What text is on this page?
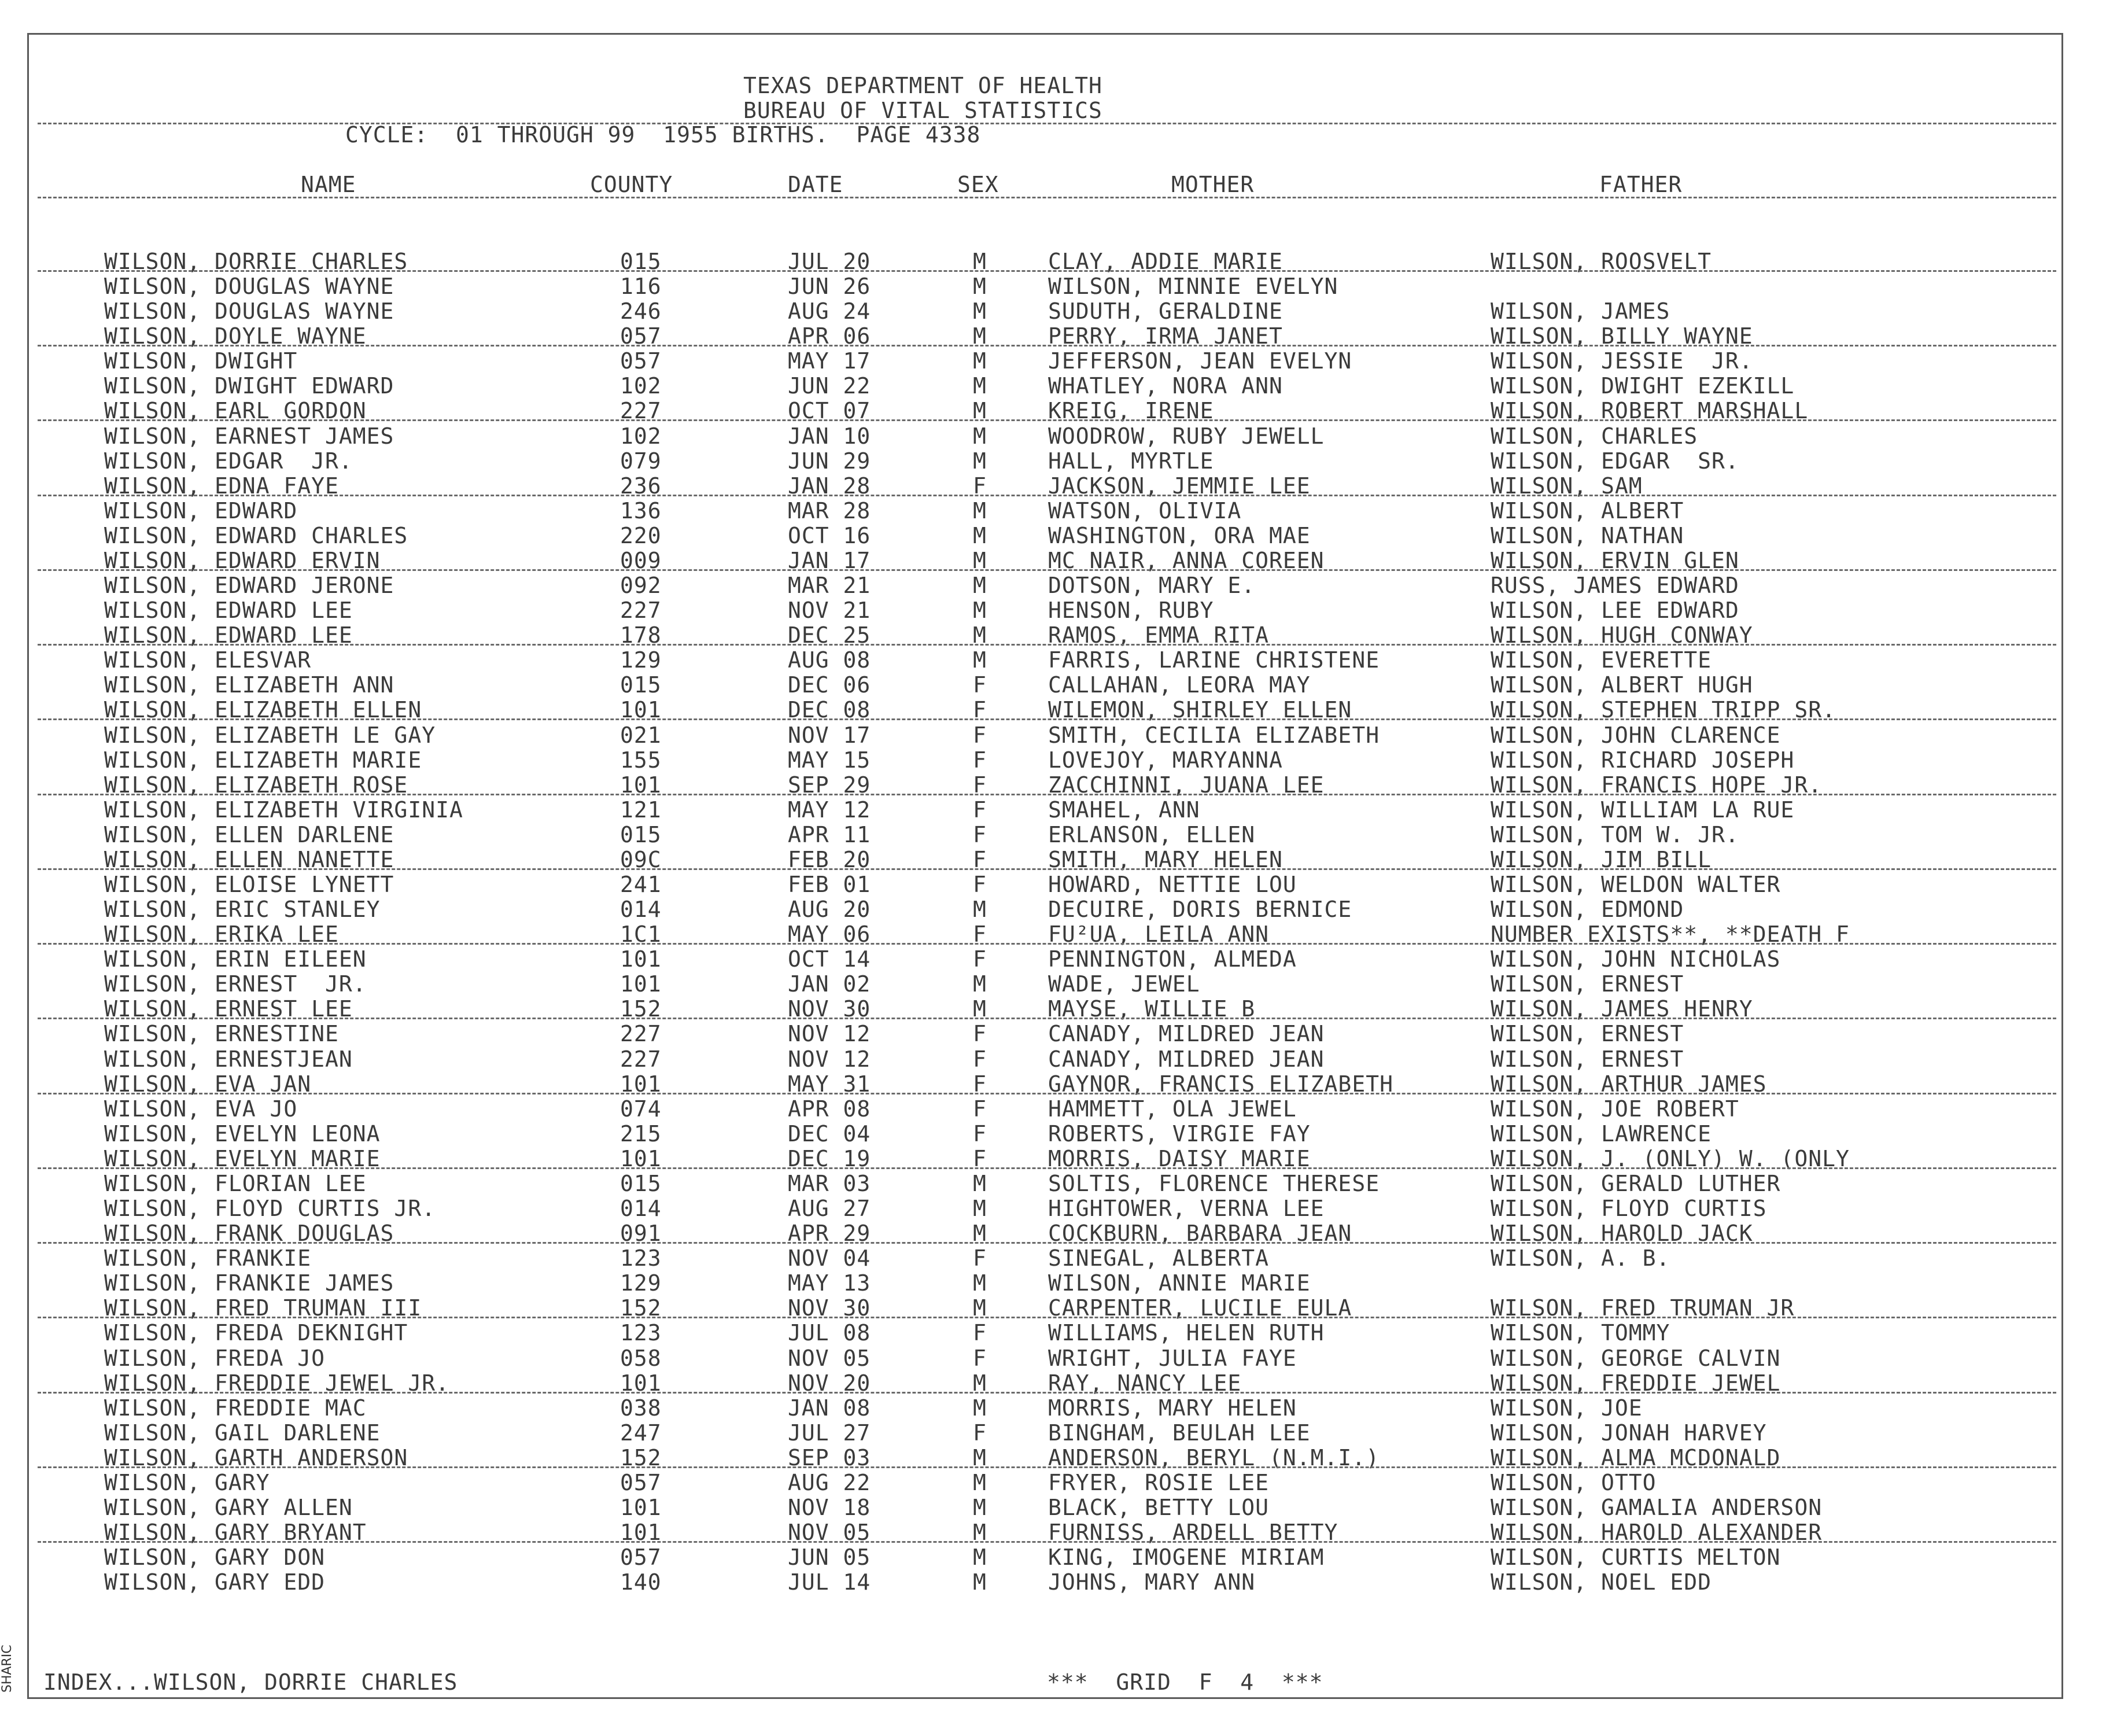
SHARIC
TEXAS DEPARTMENT OF HEALTH
BUREAU OF VITAL STATISTICS
CYCLE:  01 THROUGH 99  1955 BIRTHS.  PAGE 4338
NAME	COUNTY	DATE	SEX	MOTHER	FATHER
WILSON, DORRIE CHARLES	015	JUL 20	M	CLAY, ADDIE MARIE	WILSON, ROOSVELT
WILSON, DOUGLAS WAYNE	116	JUN 26	M	WILSON, MINNIE EVELYN
WILSON, DOUGLAS WAYNE	246	AUG 24	M	SUDUTH, GERALDINE	WILSON, JAMES
WILSON, DOYLE WAYNE	057	APR 06	M	PERRY, IRMA JANET	WILSON, BILLY WAYNE
WILSON, DWIGHT	057	MAY 17	M	JEFFERSON, JEAN EVELYN	WILSON, JESSIE  JR.
WILSON, DWIGHT EDWARD	102	JUN 22	M	WHATLEY, NORA ANN	WILSON, DWIGHT EZEKILL
WILSON, EARL GORDON	227	OCT 07	M	KREIG, IRENE	WILSON, ROBERT MARSHALL
WILSON, EARNEST JAMES	102	JAN 10	M	WOODROW, RUBY JEWELL	WILSON, CHARLES
WILSON, EDGAR  JR.	079	JUN 29	M	HALL, MYRTLE	WILSON, EDGAR  SR.
WILSON, EDNA FAYE	236	JAN 28	F	JACKSON, JEMMIE LEE	WILSON, SAM
WILSON, EDWARD	136	MAR 28	M	WATSON, OLIVIA	WILSON, ALBERT
WILSON, EDWARD CHARLES	220	OCT 16	M	WASHINGTON, ORA MAE	WILSON, NATHAN
WILSON, EDWARD ERVIN	009	JAN 17	M	MC NAIR, ANNA COREEN	WILSON, ERVIN GLEN
WILSON, EDWARD JERONE	092	MAR 21	M	DOTSON, MARY E.	RUSS, JAMES EDWARD
WILSON, EDWARD LEE	227	NOV 21	M	HENSON, RUBY	WILSON, LEE EDWARD
WILSON, EDWARD LEE	178	DEC 25	M	RAMOS, EMMA RITA	WILSON, HUGH CONWAY
WILSON, ELESVAR	129	AUG 08	M	FARRIS, LARINE CHRISTENE	WILSON, EVERETTE
WILSON, ELIZABETH ANN	015	DEC 06	F	CALLAHAN, LEORA MAY	WILSON, ALBERT HUGH
WILSON, ELIZABETH ELLEN	101	DEC 08	F	WILEMON, SHIRLEY ELLEN	WILSON, STEPHEN TRIPP SR.
WILSON, ELIZABETH LE GAY	021	NOV 17	F	SMITH, CECILIA ELIZABETH	WILSON, JOHN CLARENCE
WILSON, ELIZABETH MARIE	155	MAY 15	F	LOVEJOY, MARYANNA	WILSON, RICHARD JOSEPH
WILSON, ELIZABETH ROSE	101	SEP 29	F	ZACCHINNI, JUANA LEE	WILSON, FRANCIS HOPE JR.
WILSON, ELIZABETH VIRGINIA	121	MAY 12	F	SMAHEL, ANN	WILSON, WILLIAM LA RUE
WILSON, ELLEN DARLENE	015	APR 11	F	ERLANSON, ELLEN	WILSON, TOM W. JR.
WILSON, ELLEN NANETTE	09C	FEB 20	F	SMITH, MARY HELEN	WILSON, JIM BILL
WILSON, ELOISE LYNETT	241	FEB 01	F	HOWARD, NETTIE LOU	WILSON, WELDON WALTER
WILSON, ERIC STANLEY	014	AUG 20	M	DECUIRE, DORIS BERNICE	WILSON, EDMOND
WILSON, ERIKA LEE	1C1	MAY 06	F	FU²UA, LEILA ANN	NUMBER EXISTS**, **DEATH F
WILSON, ERIN EILEEN	101	OCT 14	F	PENNINGTON, ALMEDA	WILSON, JOHN NICHOLAS
WILSON, ERNEST  JR.	101	JAN 02	M	WADE, JEWEL	WILSON, ERNEST
WILSON, ERNEST LEE	152	NOV 30	M	MAYSE, WILLIE B	WILSON, JAMES HENRY
WILSON, ERNESTINE	227	NOV 12	F	CANADY, MILDRED JEAN	WILSON, ERNEST
WILSON, ERNESTJEAN	227	NOV 12	F	CANADY, MILDRED JEAN	WILSON, ERNEST
WILSON, EVA JAN	101	MAY 31	F	GAYNOR, FRANCIS ELIZABETH	WILSON, ARTHUR JAMES
WILSON, EVA JO	074	APR 08	F	HAMMETT, OLA JEWEL	WILSON, JOE ROBERT
WILSON, EVELYN LEONA	215	DEC 04	F	ROBERTS, VIRGIE FAY	WILSON, LAWRENCE
WILSON, EVELYN MARIE	101	DEC 19	F	MORRIS, DAISY MARIE	WILSON, J. (ONLY) W. (ONLY
WILSON, FLORIAN LEE	015	MAR 03	M	SOLTIS, FLORENCE THERESE	WILSON, GERALD LUTHER
WILSON, FLOYD CURTIS JR.	014	AUG 27	M	HIGHTOWER, VERNA LEE	WILSON, FLOYD CURTIS
WILSON, FRANK DOUGLAS	091	APR 29	M	COCKBURN, BARBARA JEAN	WILSON, HAROLD JACK
WILSON, FRANKIE	123	NOV 04	F	SINEGAL, ALBERTA	WILSON, A. B.
WILSON, FRANKIE JAMES	129	MAY 13	M	WILSON, ANNIE MARIE
WILSON, FRED TRUMAN III	152	NOV 30	M	CARPENTER, LUCILE EULA	WILSON, FRED TRUMAN JR
WILSON, FREDA DEKNIGHT	123	JUL 08	F	WILLIAMS, HELEN RUTH	WILSON, TOMMY
WILSON, FREDA JO	058	NOV 05	F	WRIGHT, JULIA FAYE	WILSON, GEORGE CALVIN
WILSON, FREDDIE JEWEL JR.	101	NOV 20	M	RAY, NANCY LEE	WILSON, FREDDIE JEWEL
WILSON, FREDDIE MAC	038	JAN 08	M	MORRIS, MARY HELEN	WILSON, JOE
WILSON, GAIL DARLENE	247	JUL 27	F	BINGHAM, BEULAH LEE	WILSON, JONAH HARVEY
WILSON, GARTH ANDERSON	152	SEP 03	M	ANDERSON, BERYL (N.M.I.)	WILSON, ALMA MCDONALD
WILSON, GARY	057	AUG 22	M	FRYER, ROSIE LEE	WILSON, OTTO
WILSON, GARY ALLEN	101	NOV 18	M	BLACK, BETTY LOU	WILSON, GAMALIA ANDERSON
WILSON, GARY BRYANT	101	NOV 05	M	FURNISS, ARDELL BETTY	WILSON, HAROLD ALEXANDER
WILSON, GARY DON	057	JUN 05	M	KING, IMOGENE MIRIAM	WILSON, CURTIS MELTON
WILSON, GARY EDD	140	JUL 14	M	JOHNS, MARY ANN	WILSON, NOEL EDD
INDEX...WILSON, DORRIE CHARLES	***  GRID  F  4  ***
